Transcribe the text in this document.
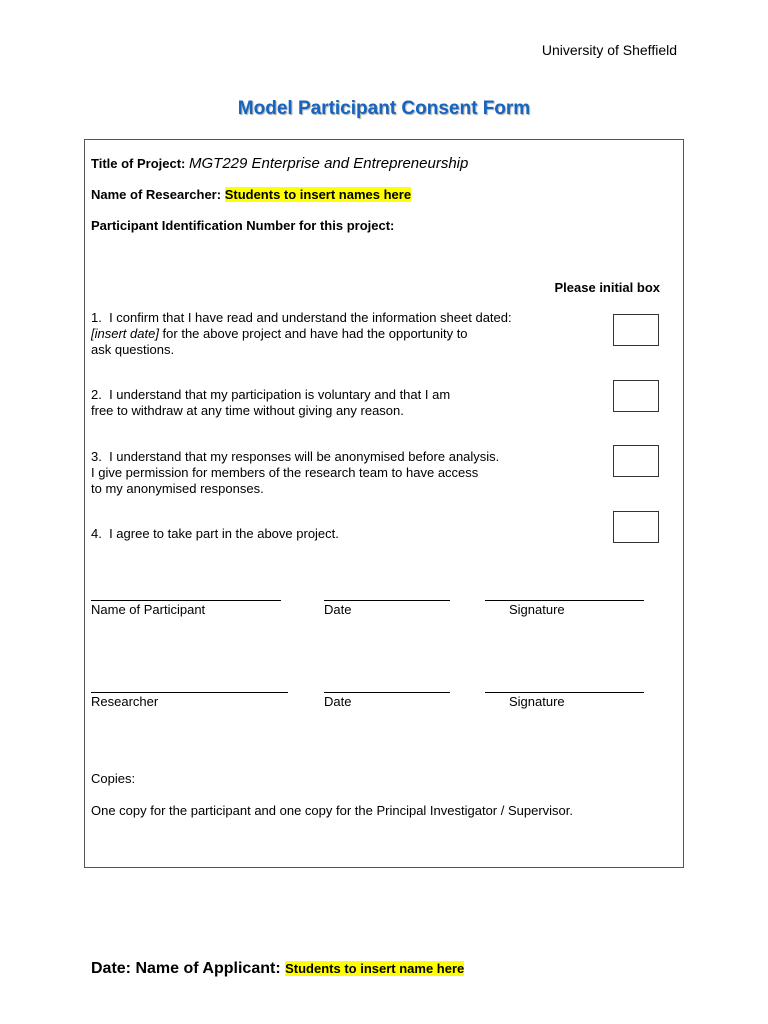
University of Sheffield
Model Participant Consent Form
Title of Project: MGT229 Enterprise and Entrepreneurship
Name of Researcher: Students to insert names here
Participant Identification Number for this project:
Please initial box
1. I confirm that I have read and understand the information sheet dated:
[insert date] for the above project and have had the opportunity to
ask questions.
2. I understand that my participation is voluntary and that I am
free to withdraw at any time without giving any reason.
3. I understand that my responses will be anonymised before analysis.
I give permission for members of the research team to have access
to my anonymised responses.
4. I agree to take part in the above project.
Name of Participant	Date	Signature
Researcher	Date	Signature
Copies:
One copy for the participant and one copy for the Principal Investigator / Supervisor.
Date: Name of Applicant: Students to insert name here
